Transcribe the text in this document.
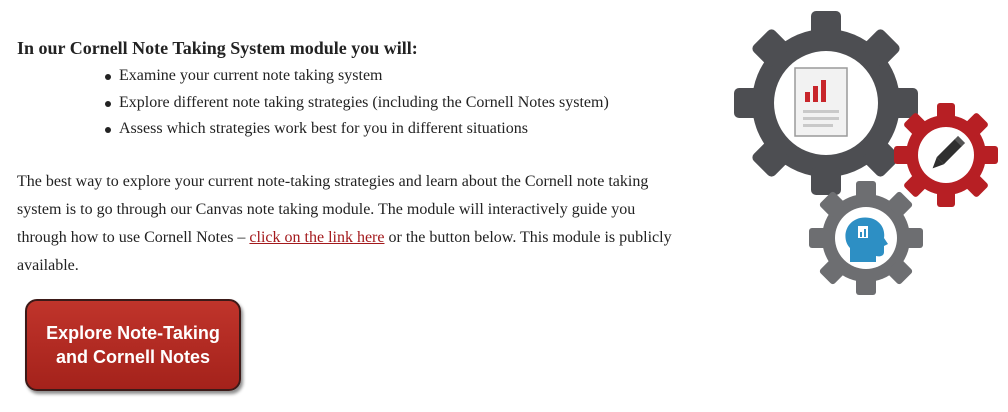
In our Cornell Note Taking System module you will:

Examine your current note taking system
Explore different note taking strategies (including the Cornell Notes system)
Assess which strategies work best for you in different situations

The best way to explore your current note-taking strategies and learn about the Cornell note taking system is to go through our Canvas note taking module. The module will interactively guide you through how to use Cornell Notes – click on the link here or the button below. This module is publicly available.

Explore Note-Taking
and Cornell Notes
